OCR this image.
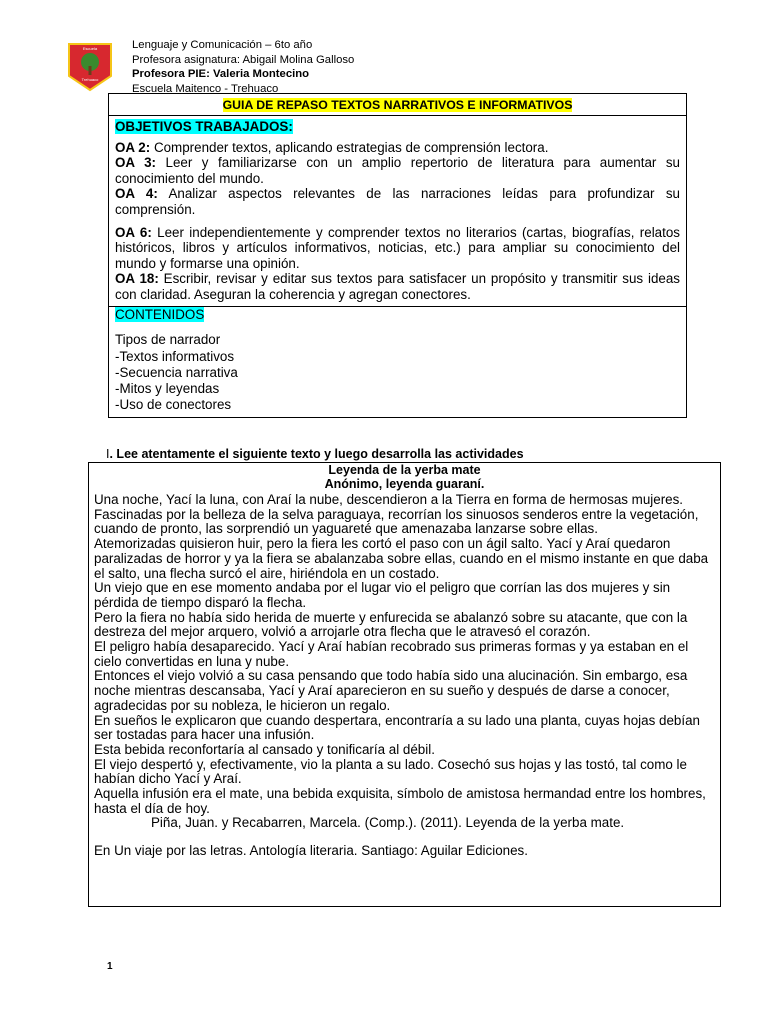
Escuela
Trehuaco
Lenguaje y Comunicación – 6to año
Profesora asignatura: Abigail Molina Galloso
Profesora PIE: Valeria Montecino
Escuela Maitenco - Trehuaco
GUIA DE REPASO TEXTOS NARRATIVOS E INFORMATIVOS
OBJETIVOS TRABAJADOS:

OA 2: Comprender textos, aplicando estrategias de comprensión lectora.

OA 3: Leer y familiarizarse con un amplio repertorio de literatura para aumentar su conocimiento del mundo.

OA 4: Analizar aspectos relevantes de las narraciones leídas para profundizar su comprensión.

OA 6: Leer independientemente y comprender textos no literarios (cartas, biografías, relatos históricos, libros y artículos informativos, noticias, etc.) para ampliar su conocimiento del mundo y formarse una opinión.

OA 18: Escribir, revisar y editar sus textos para satisfacer un propósito y transmitir sus ideas con claridad. Aseguran la coherencia y agregan conectores.

CONTENIDOS

Tipos de narrador

-Textos informativos

-Secuencia narrativa

-Mitos y leyendas

-Uso de conectores

I. Lee atentamente el siguiente texto y luego desarrolla las actividades
Leyenda de la yerba mate
Anónimo, leyenda guaraní.

Una noche, Yací la luna, con Araí la nube, descendieron a la Tierra en forma de hermosas mujeres.

Fascinadas por la belleza de la selva paraguaya, recorrían los sinuosos senderos entre la vegetación, cuando de pronto, las sorprendió un yaguareté que amenazaba lanzarse sobre ellas.

Atemorizadas quisieron huir, pero la fiera les cortó el paso con un ágil salto. Yací y Araí quedaron paralizadas de horror y ya la fiera se abalanzaba sobre ellas, cuando en el mismo instante en que daba el salto, una flecha surcó el aire, hiriéndola en un costado.

Un viejo que en ese momento andaba por el lugar vio el peligro que corrían las dos mujeres y sin pérdida de tiempo disparó la flecha.

Pero la fiera no había sido herida de muerte y enfurecida se abalanzó sobre su atacante, que con la destreza del mejor arquero, volvió a arrojarle otra flecha que le atravesó el corazón.

El peligro había desaparecido. Yací y Araí habían recobrado sus primeras formas y ya estaban en el cielo convertidas en luna y nube.

Entonces el viejo volvió a su casa pensando que todo había sido una alucinación. Sin embargo, esa noche mientras descansaba, Yací y Araí aparecieron en su sueño y después de darse a conocer, agradecidas por su nobleza, le hicieron un regalo.

En sueños le explicaron que cuando despertara, encontraría a su lado una planta, cuyas hojas debían ser tostadas para hacer una infusión.

Esta bebida reconfortaría al cansado y tonificaría al débil.

El viejo despertó y, efectivamente, vio la planta a su lado. Cosechó sus hojas y las tostó, tal como le habían dicho Yací y Araí.

Aquella infusión era el mate, una bebida exquisita, símbolo de amistosa hermandad entre los hombres, hasta el día de hoy.

Piña, Juan. y Recabarren, Marcela. (Comp.). (2011). Leyenda de la yerba mate.

En Un viaje por las letras. Antología literaria. Santiago: Aguilar Ediciones.

1
